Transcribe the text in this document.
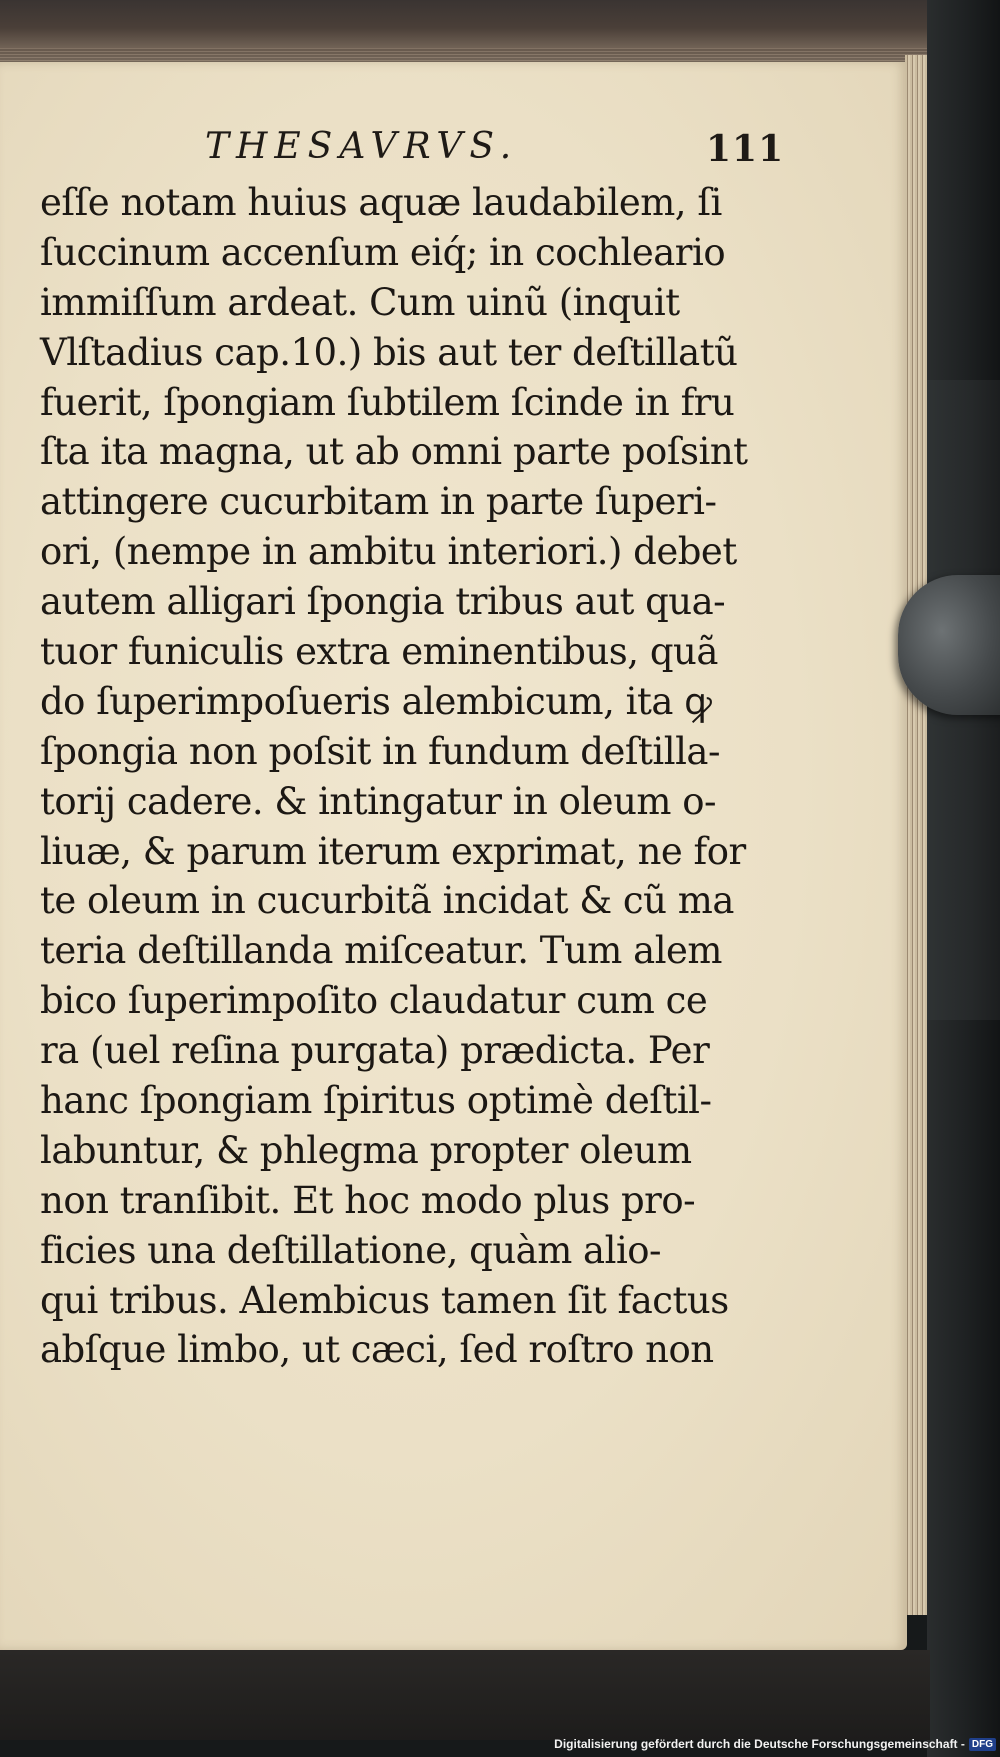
THESAVRVS.	111
eſſe notam huius aquæ laudabilem, ſi
ſuccinum accenſum eiq́; in cochleario
immiſſum ardeat. Cum uinũ (inquit
Vlſtadius cap.10.) bis aut ter deſtillatũ
fuerit, ſpongiam ſubtilem ſcinde in fru
ſta ita magna, ut ab omni parte poſsint
attingere cucurbitam in parte ſuperi-
ori, (nempe in ambitu interiori.) debet
autem alligari ſpongia tribus aut qua-
tuor funiculis extra eminentibus, quã
do ſuperimpoſueris alembicum, ita ꝙ
ſpongia non poſsit in fundum deſtilla-
torij cadere. & intingatur in oleum o-
liuæ, & parum iterum exprimat, ne for
te oleum in cucurbitã incidat & cũ ma
teria deſtillanda miſceatur. Tum alem
bico ſuperimpoſito claudatur cum ce
ra (uel reſina purgata) prædicta. Per
hanc ſpongiam ſpiritus optimè deſtil-
labuntur, & phlegma propter oleum
non tranſibit. Et hoc modo plus pro-
ficies una deſtillatione, quàm alio-
qui tribus. Alembicus tamen ſit factus
abſque limbo, ut cæci, ſed roſtro non
Digitalisierung gefördert durch die Deutsche Forschungsgemeinschaft - DFG
